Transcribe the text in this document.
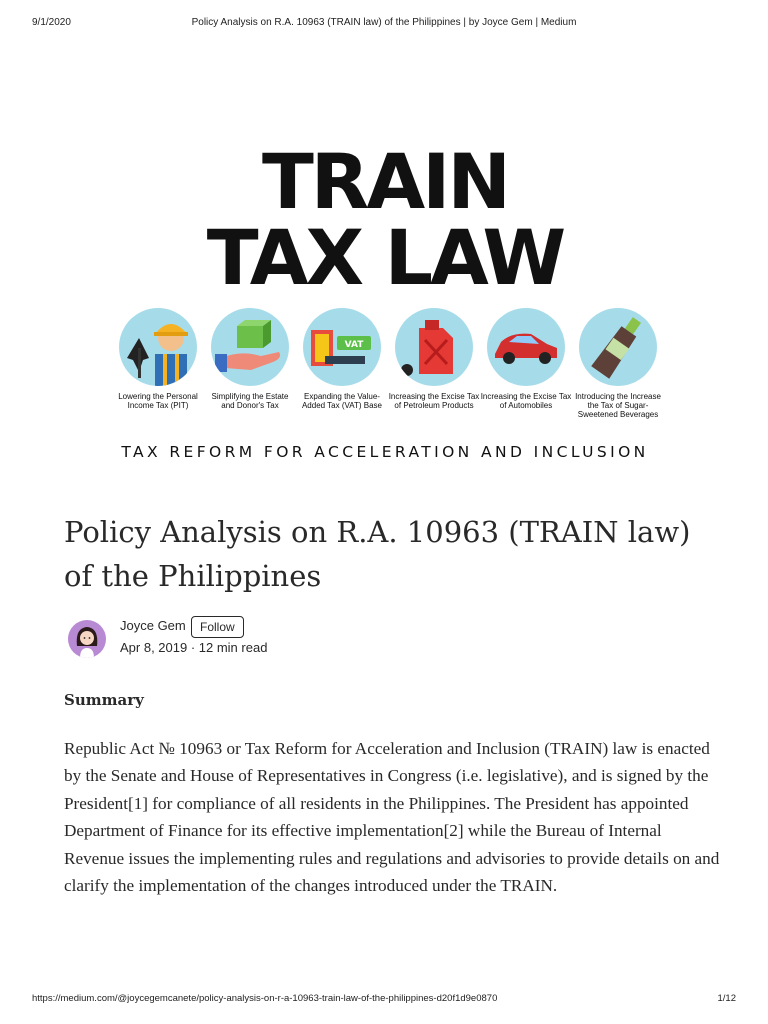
9/1/2020	Policy Analysis on R.A. 10963 (TRAIN law) of the Philippines | by Joyce Gem | Medium
TRAIN
TAX LAW
Lowering the Personal Income Tax (PIT)
Simplifying the Estate and Donor's Tax
VAT
Expanding the Value-Added Tax (VAT) Base
Increasing the Excise Tax of Petroleum Products
Increasing the Excise Tax of Automobiles
Introducing the Increase the Tax of Sugar-Sweetened Beverages
TAX REFORM FOR ACCELERATION AND INCLUSION
Policy Analysis on R.A. 10963 (TRAIN law) of the Philippines
Joyce Gem	Follow
Apr 8, 2019 · 12 min read
Summary

Republic Act № 10963 or Tax Reform for Acceleration and Inclusion (TRAIN) law is enacted by the Senate and House of Representatives in Congress (i.e. legislative), and is signed by the President[1] for compliance of all residents in the Philippines. The President has appointed Department of Finance for its effective implementation[2] while the Bureau of Internal Revenue issues the implementing rules and regulations and advisories to provide details on and clarify the implementation of the changes introduced under the TRAIN.

https://medium.com/@joycegemcanete/policy-analysis-on-r-a-10963-train-law-of-the-philippines-d20f1d9e0870	1/12
